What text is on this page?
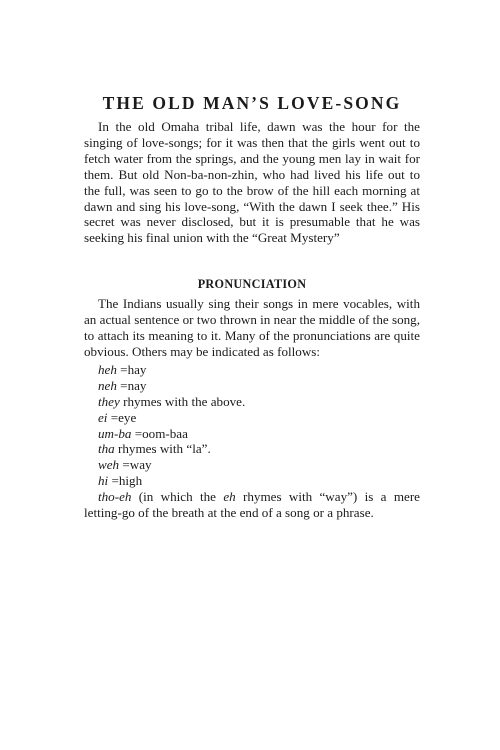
THE OLD MAN’S LOVE-SONG

In the old Omaha tribal life, dawn was the hour for the singing of love-songs; for it was then that the girls went out to fetch water from the springs, and the young men lay in wait for them. But old Non-ba-non-zhin, who had lived his life out to the full, was seen to go to the brow of the hill each morning at dawn and sing his love-song, “With the dawn I seek thee.” His secret was never disclosed, but it is presumable that he was seeking his final union with the “Great Mystery”

PRONUNCIATION

The Indians usually sing their songs in mere vocables, with an actual sentence or two thrown in near the middle of the song, to attach its meaning to it. Many of the pronunciations are quite obvious. Others may be indicated as follows:

heh =hay
neh =nay
they rhymes with the above.
ei =eye
um-ba =oom-baa
tha rhymes with “la”.
weh =way
hi =high
tho-eh (in which the eh rhymes with “way”) is a mere letting-go of the breath at the end of a song or a phrase.
